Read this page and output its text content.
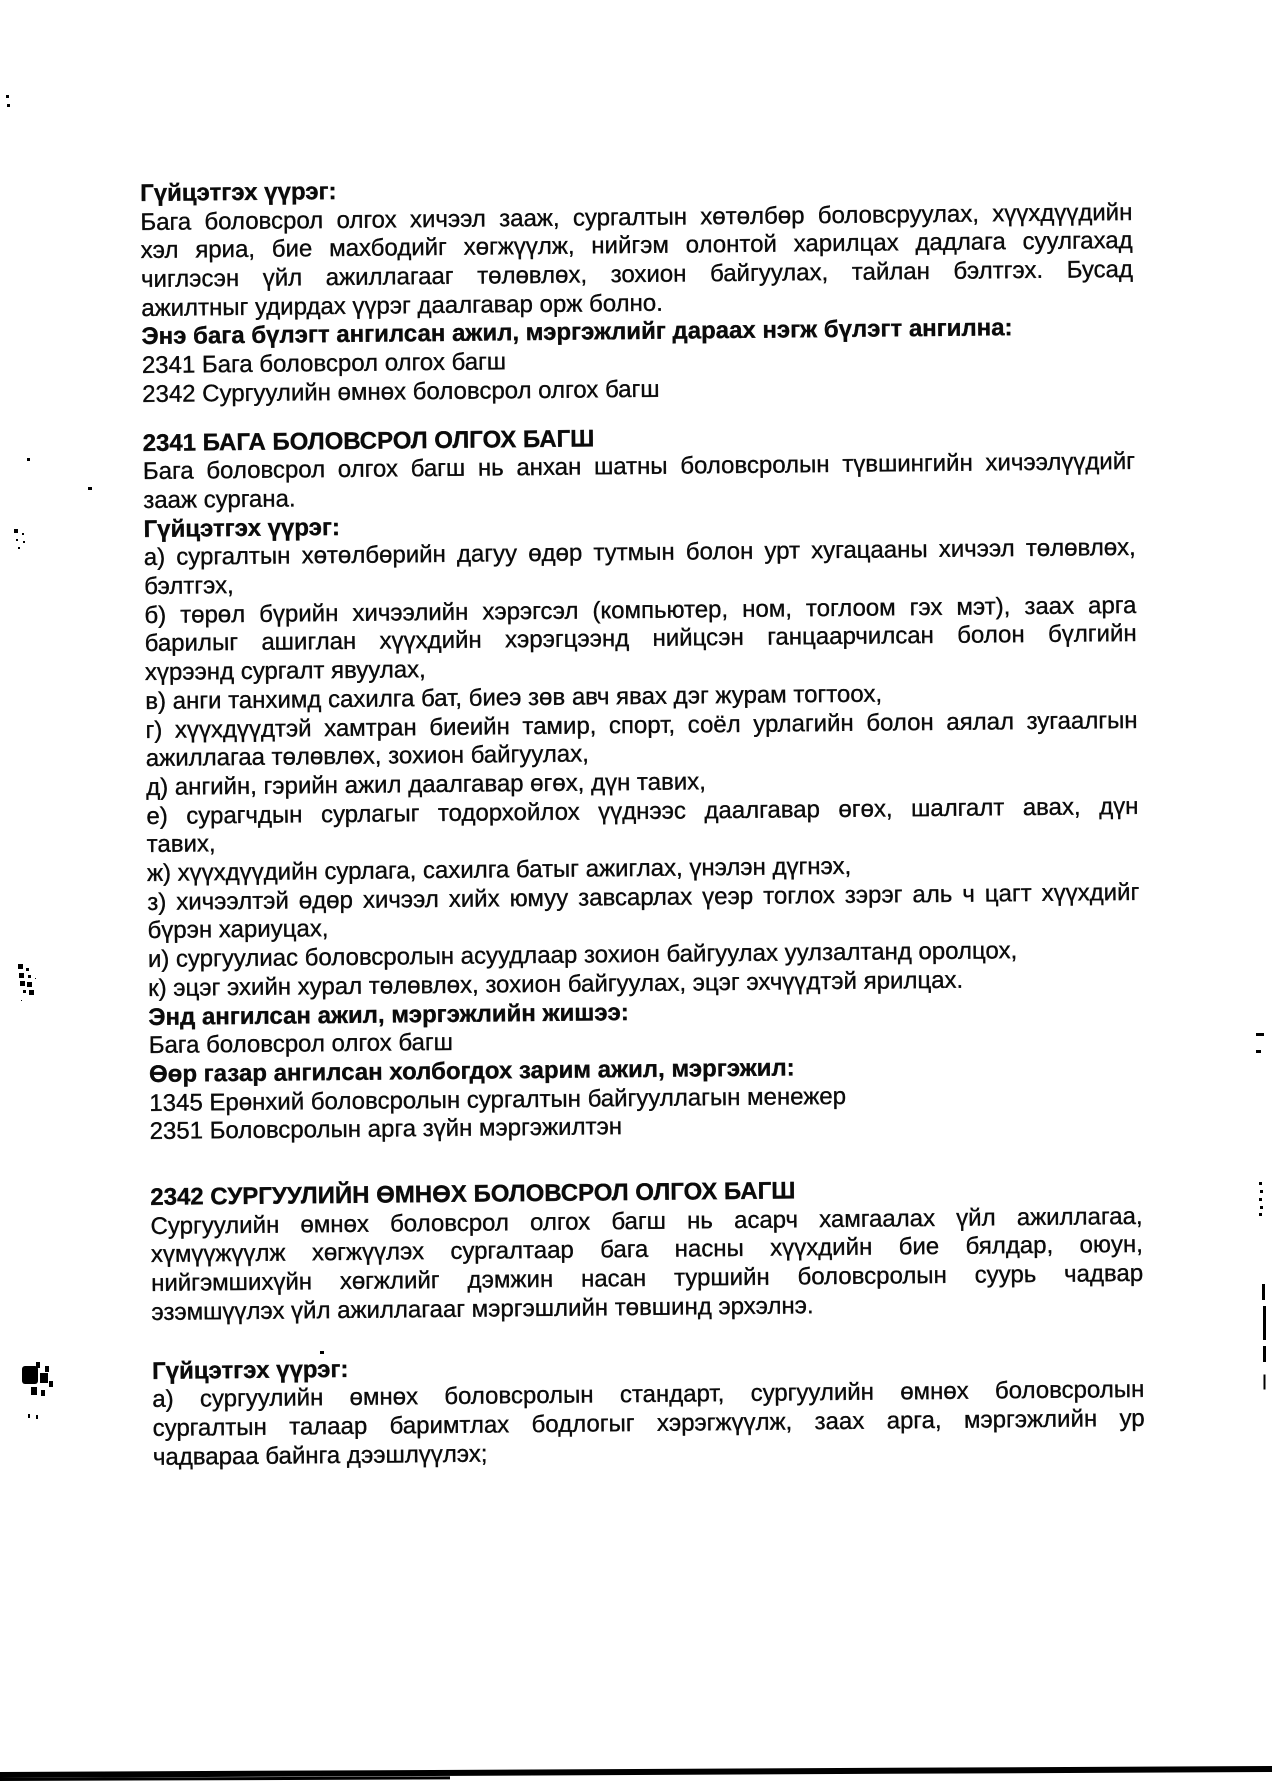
Гүйцэтгэх үүрэг:
Бага боловсрол олгох хичээл зааж, сургалтын хөтөлбөр боловсруулах, хүүхдүүдийн
хэл яриа, бие махбодийг хөгжүүлж, нийгэм олонтой харилцах дадлага суулгахад
чиглэсэн үйл ажиллагааг төлөвлөх, зохион байгуулах, тайлан бэлтгэх. Бусад
ажилтныг удирдах үүрэг даалгавар орж болно.
Энэ бага бүлэгт ангилсан ажил, мэргэжлийг дараах нэгж бүлэгт ангилна:
2341 Бага боловсрол олгох багш
2342 Сургуулийн өмнөх боловсрол олгох багш
2341 БАГА БОЛОВСРОЛ ОЛГОХ БАГШ
Бага боловсрол олгох багш нь анхан шатны боловсролын түвшингийн хичээлүүдийг
зааж сургана.
Гүйцэтгэх үүрэг:
а) сургалтын хөтөлбөрийн дагуу өдөр тутмын болон урт хугацааны хичээл төлөвлөх,
бэлтгэх,
б) төрөл бүрийн хичээлийн хэрэгсэл (компьютер, ном, тоглоом гэх мэт), заах арга
барилыг ашиглан хүүхдийн хэрэгцээнд нийцсэн ганцаарчилсан болон бүлгийн
хүрээнд сургалт явуулах,
в) анги танхимд сахилга бат, биеэ зөв авч явах дэг журам тогтоох,
г) хүүхдүүдтэй хамтран биеийн тамир, спорт, соёл урлагийн болон аялал зугаалгын
ажиллагаа төлөвлөх, зохион байгуулах,
д) ангийн, гэрийн ажил даалгавар өгөх, дүн тавих,
е) сурагчдын сурлагыг тодорхойлох үүднээс даалгавар өгөх, шалгалт авах, дүн
тавих,
ж) хүүхдүүдийн сурлага, сахилга батыг ажиглах, үнэлэн дүгнэх,
з) хичээлтэй өдөр хичээл хийх юмуу завсарлах үеэр тоглох зэрэг аль ч цагт хүүхдийг
бүрэн хариуцах,
и) сургуулиас боловсролын асуудлаар зохион байгуулах уулзалтанд оролцох,
к) эцэг эхийн хурал төлөвлөх, зохион байгуулах, эцэг эхчүүдтэй ярилцах.
Энд ангилсан ажил, мэргэжлийн жишээ:
Бага боловсрол олгох багш
Өөр газар ангилсан холбогдох зарим ажил, мэргэжил:
1345 Ерөнхий боловсролын сургалтын байгууллагын менежер
2351 Боловсролын арга зүйн мэргэжилтэн
2342 СУРГУУЛИЙН ӨМНӨХ БОЛОВСРОЛ ОЛГОХ БАГШ
Сургуулийн өмнөх боловсрол олгох багш нь асарч хамгаалах үйл ажиллагаа,
хүмүүжүүлж хөгжүүлэх сургалтаар бага насны хүүхдийн бие бялдар, оюун,
нийгэмшихүйн хөгжлийг дэмжин насан туршийн боловсролын суурь чадвар
эзэмшүүлэх үйл ажиллагааг мэргэшлийн төвшинд эрхэлнэ.
Гүйцэтгэх үүрэг:
а) сургуулийн өмнөх боловсролын стандарт, сургуулийн өмнөх боловсролын
сургалтын талаар баримтлах бодлогыг хэрэгжүүлж, заах арга, мэргэжлийн ур
чадвараа байнга дээшлүүлэх;
